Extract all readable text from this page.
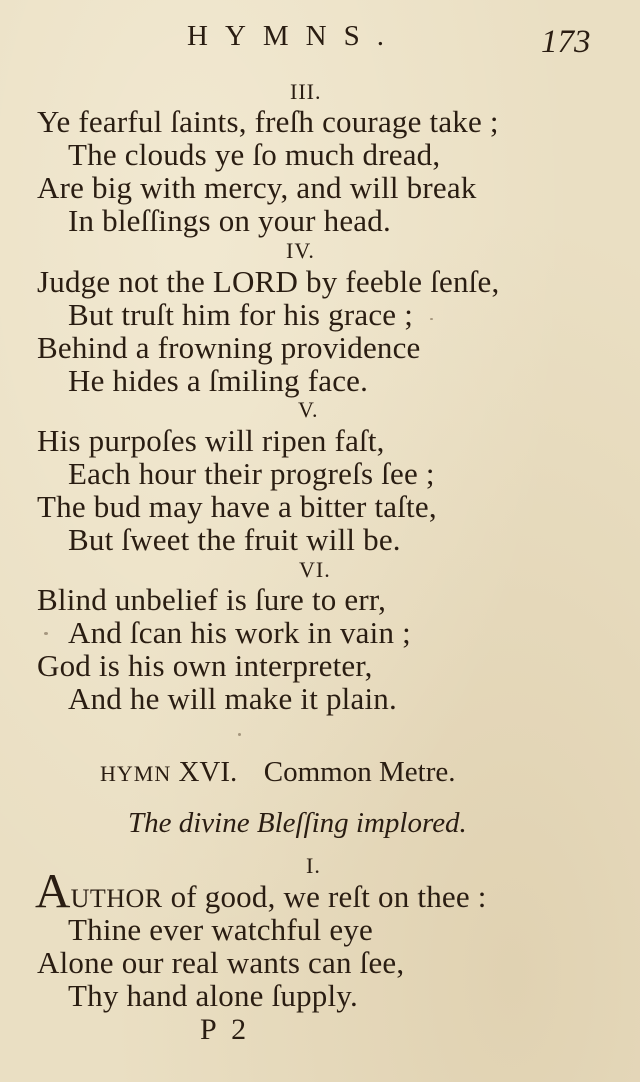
HYMNS.	173
III.
Ye fearful ſaints, freſh courage take ;
The clouds ye ſo much dread,
Are big with mercy, and will break
In bleſſings on your head.
IV.
Judge not the LORD by feeble ſenſe,
But truſt him for his grace ;
Behind a frowning providence
He hides a ſmiling face.
V.
His purpoſes will ripen faſt,
Each hour their progreſs ſee ;
The bud may have a bitter taſte,
But ſweet the fruit will be.
VI.
Blind unbelief is ſure to err,
And ſcan his work in vain ;
God is his own interpreter,
And he will make it plain.
HYMN XVI. Common Metre.
The divine Bleſſing implored.
I.
AUTHOR of good, we reſt on thee :
Thine ever watchful eye
Alone our real wants can ſee,
Thy hand alone ſupply.
P 2
